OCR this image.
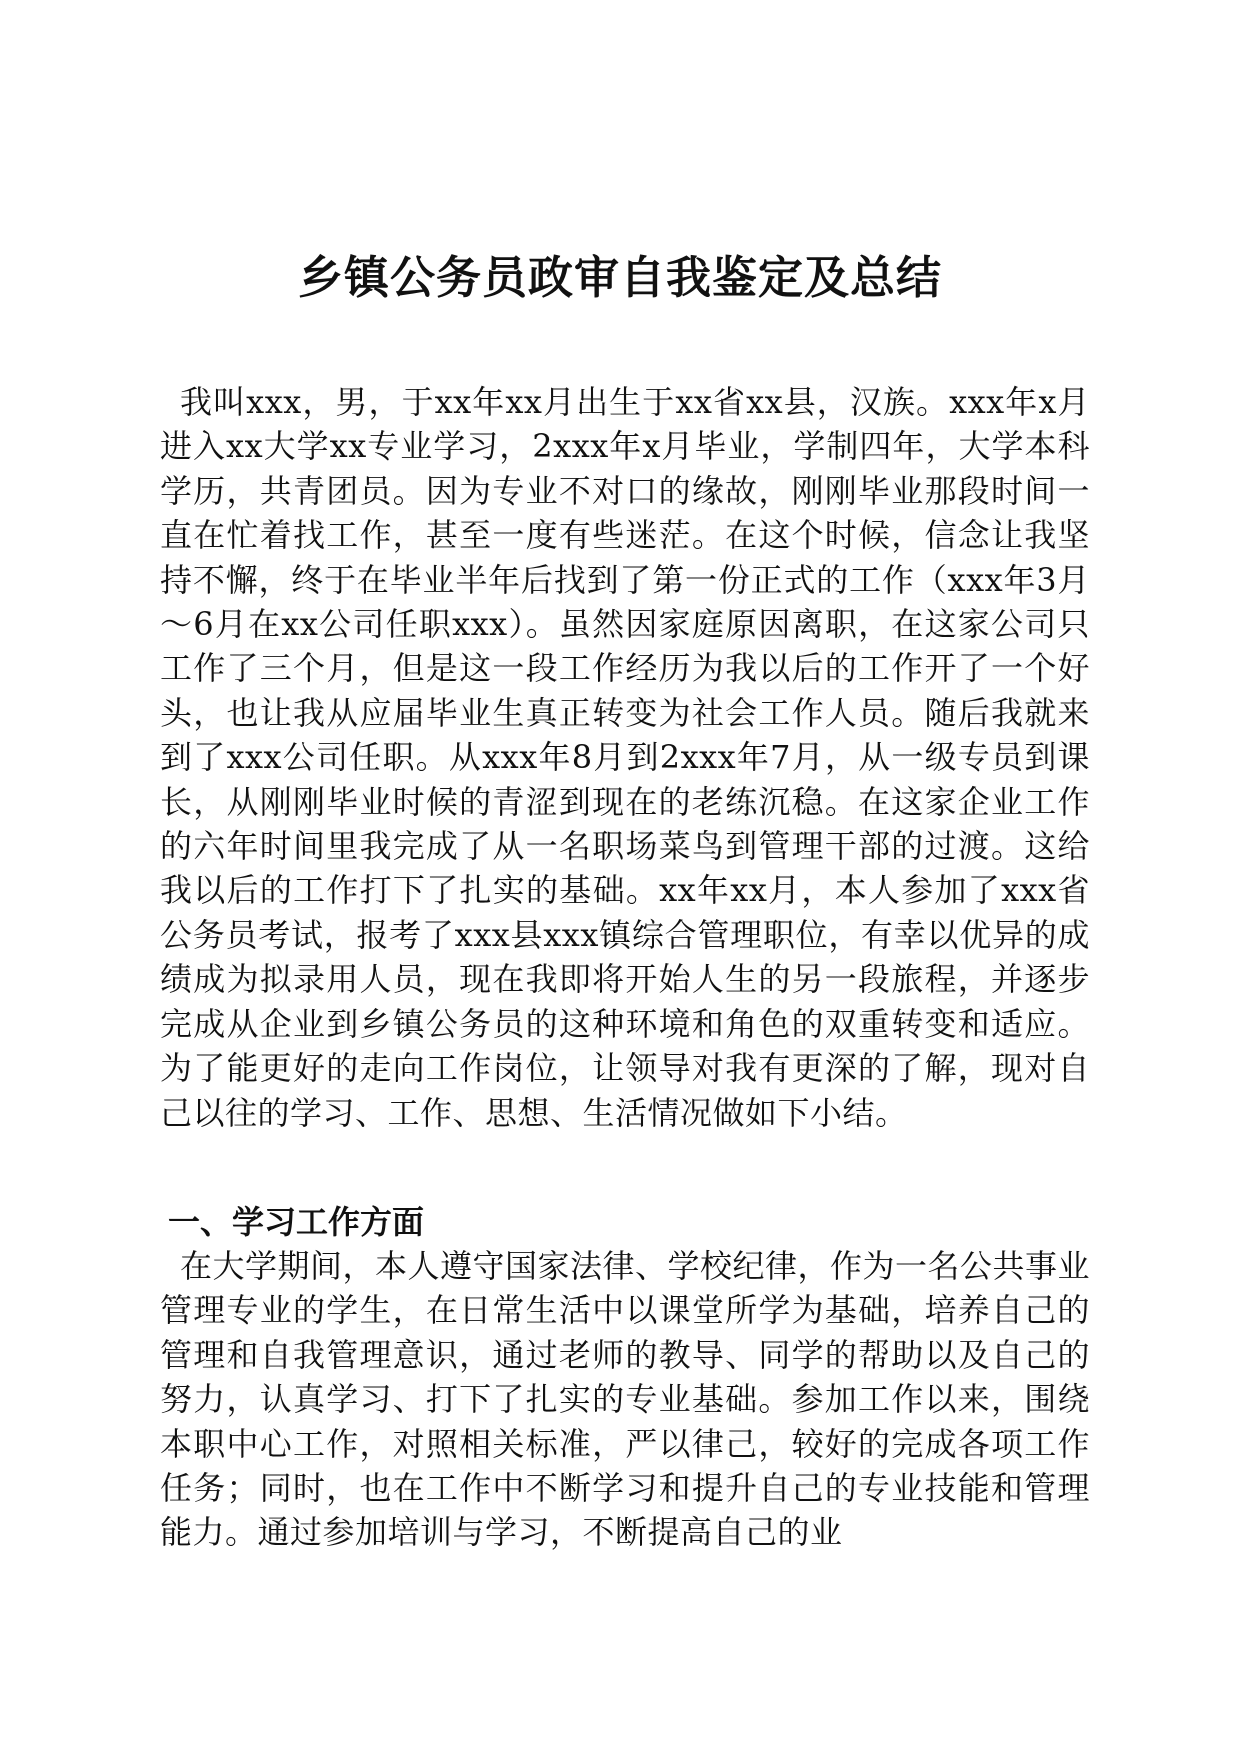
乡镇公务员政审自我鉴定及总结

我叫xxx，男，于xx年xx月出生于xx省xx县，汉族。xxx年x月进入xx大学xx专业学习，2xxx年x月毕业，学制四年，大学本科学历，共青团员。因为专业不对口的缘故，刚刚毕业那段时间一直在忙着找工作，甚至一度有些迷茫。在这个时候，信念让我坚持不懈，终于在毕业半年后找到了第一份正式的工作（xxx年3月～6月在xx公司任职xxx）。虽然因家庭原因离职，在这家公司只工作了三个月，但是这一段工作经历为我以后的工作开了一个好头，也让我从应届毕业生真正转变为社会工作人员。随后我就来到了xxx公司任职。从xxx年8月到2xxx年7月，从一级专员到课长，从刚刚毕业时候的青涩到现在的老练沉稳。在这家企业工作的六年时间里我完成了从一名职场菜鸟到管理干部的过渡。这给我以后的工作打下了扎实的基础。xx年xx月，本人参加了xxx省公务员考试，报考了xxx县xxx镇综合管理职位，有幸以优异的成绩成为拟录用人员，现在我即将开始人生的另一段旅程，并逐步完成从企业到乡镇公务员的这种环境和角色的双重转变和适应。为了能更好的走向工作岗位，让领导对我有更深的了解，现对自己以往的学习、工作、思想、生活情况做如下小结。

一、学习工作方面

在大学期间，本人遵守国家法律、学校纪律，作为一名公共事业管理专业的学生，在日常生活中以课堂所学为基础，培养自己的管理和自我管理意识，通过老师的教导、同学的帮助以及自己的努力，认真学习、打下了扎实的专业基础。参加工作以来，围绕本职中心工作，对照相关标准，严以律己，较好的完成各项工作任务；同时，也在工作中不断学习和提升自己的专业技能和管理能力。通过参加培训与学习，不断提高自己的业
